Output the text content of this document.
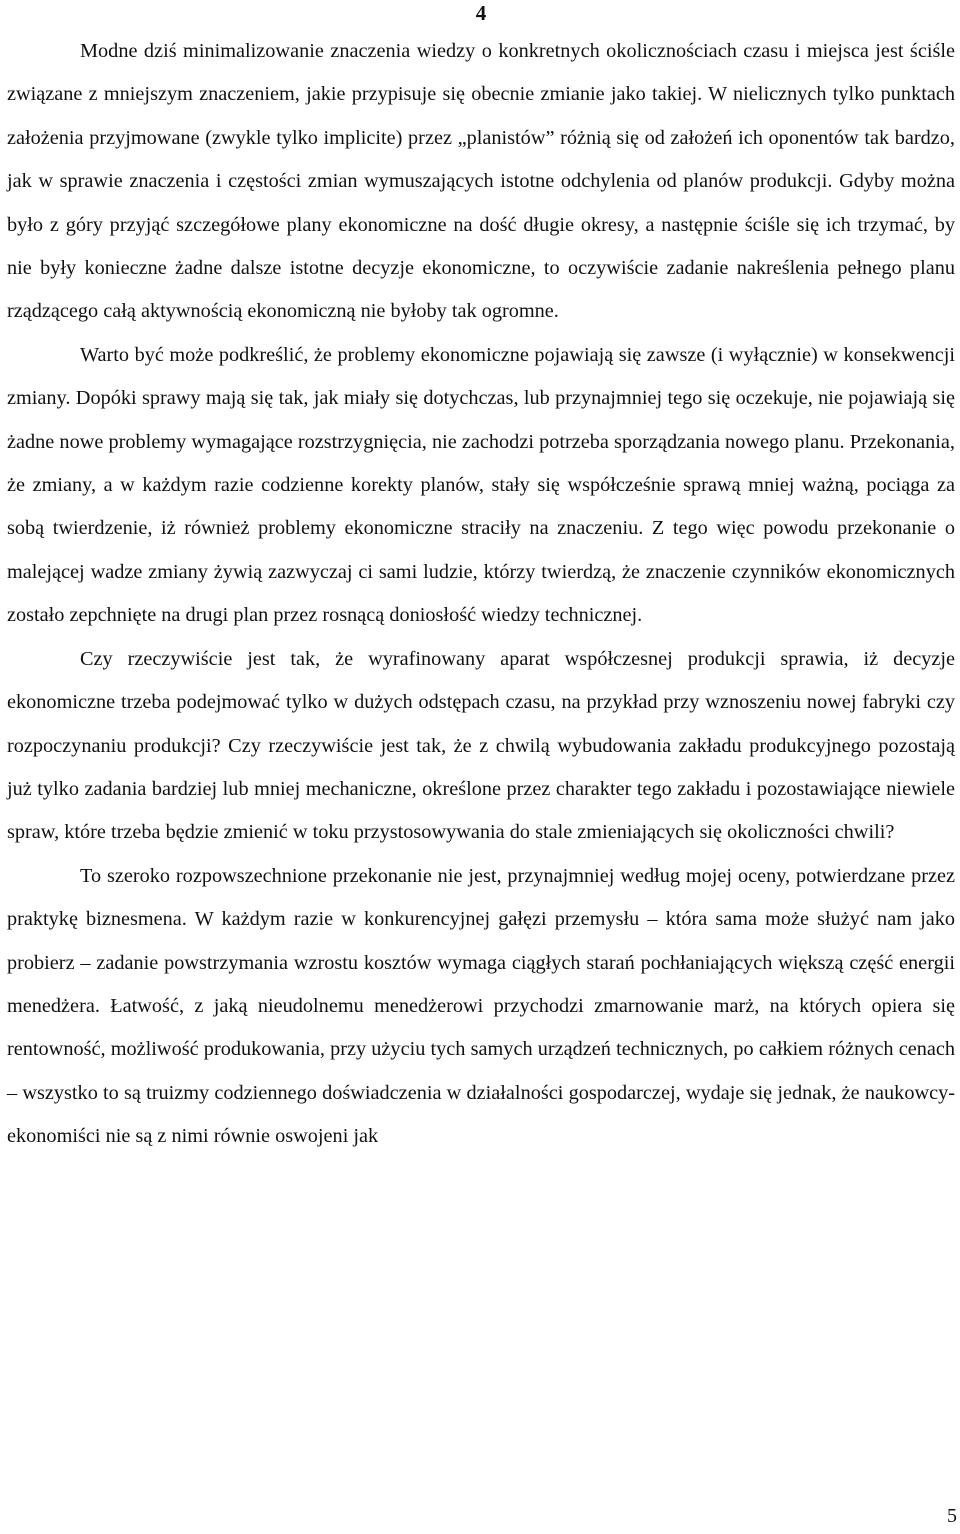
4

Modne dziś minimalizowanie znaczenia wiedzy o konkretnych okolicznościach czasu i miejsca jest ściśle związane z mniejszym znaczeniem, jakie przypisuje się obecnie zmianie jako takiej. W nielicznych tylko punktach założenia przyjmowane (zwykle tylko implicite) przez „planistów” różnią się od założeń ich oponentów tak bardzo, jak w sprawie znaczenia i częstości zmian wymuszających istotne odchylenia od planów produkcji. Gdyby można było z góry przyjąć szczegółowe plany ekonomiczne na dość długie okresy, a następnie ściśle się ich trzymać, by nie były konieczne żadne dalsze istotne decyzje ekonomiczne, to oczywiście zadanie nakreślenia pełnego planu rządzącego całą aktywnością ekonomiczną nie byłoby tak ogromne.

Warto być może podkreślić, że problemy ekonomiczne pojawiają się zawsze (i wyłącznie) w konsekwencji zmiany. Dopóki sprawy mają się tak, jak miały się dotychczas, lub przynajmniej tego się oczekuje, nie pojawiają się żadne nowe problemy wymagające rozstrzygnięcia, nie zachodzi potrzeba sporządzania nowego planu. Przekonania, że zmiany, a w każdym razie codzienne korekty planów, stały się współcześnie sprawą mniej ważną, pociąga za sobą twierdzenie, iż również problemy ekonomiczne straciły na znaczeniu. Z tego więc powodu przekonanie o malejącej wadze zmiany żywią zazwyczaj ci sami ludzie, którzy twierdzą, że znaczenie czynników ekonomicznych zostało zepchnięte na drugi plan przez rosnącą doniosłość wiedzy technicznej.

Czy rzeczywiście jest tak, że wyrafinowany aparat współczesnej produkcji sprawia, iż decyzje ekonomiczne trzeba podejmować tylko w dużych odstępach czasu, na przykład przy wznoszeniu nowej fabryki czy rozpoczynaniu produkcji? Czy rzeczywiście jest tak, że z chwilą wybudowania zakładu produkcyjnego pozostają już tylko zadania bardziej lub mniej mechaniczne, określone przez charakter tego zakładu i pozostawiające niewiele spraw, które trzeba będzie zmienić w toku przystosowywania do stale zmieniających się okoliczności chwili?

To szeroko rozpowszechnione przekonanie nie jest, przynajmniej według mojej oceny, potwierdzane przez praktykę biznesmena. W każdym razie w konkurencyjnej gałęzi przemysłu – która sama może służyć nam jako probierz – zadanie powstrzymania wzrostu kosztów wymaga ciągłych starań pochłaniających większą część energii menedżera. Łatwość, z jaką nieudolnemu menedżerowi przychodzi zmarnowanie marż, na których opiera się rentowność, możliwość produkowania, przy użyciu tych samych urządzeń technicznych, po całkiem różnych cenach – wszystko to są truizmy codziennego doświadczenia w działalności gospodarczej, wydaje się jednak, że naukowcy-ekonomiści nie są z nimi równie oswojeni jak

5
